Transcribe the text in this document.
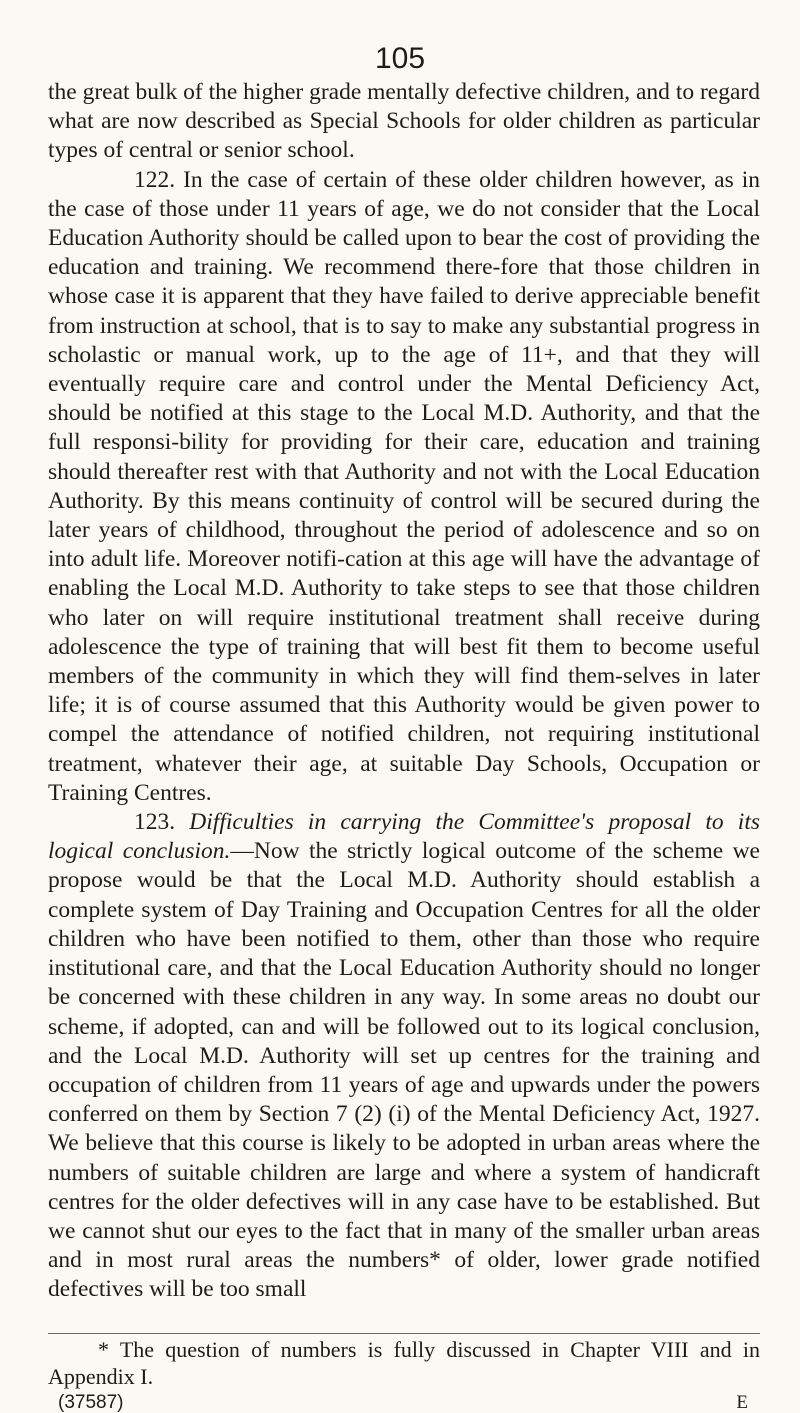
105

the great bulk of the higher grade mentally defective children, and to regard what are now described as Special Schools for older children as particular types of central or senior school.

122. In the case of certain of these older children however, as in the case of those under 11 years of age, we do not consider that the Local Education Authority should be called upon to bear the cost of providing the education and training. We recommend there-fore that those children in whose case it is apparent that they have failed to derive appreciable benefit from instruction at school, that is to say to make any substantial progress in scholastic or manual work, up to the age of 11+, and that they will eventually require care and control under the Mental Deficiency Act, should be notified at this stage to the Local M.D. Authority, and that the full responsi-bility for providing for their care, education and training should thereafter rest with that Authority and not with the Local Education Authority. By this means continuity of control will be secured during the later years of childhood, throughout the period of adolescence and so on into adult life. Moreover notifi-cation at this age will have the advantage of enabling the Local M.D. Authority to take steps to see that those children who later on will require institutional treatment shall receive during adolescence the type of training that will best fit them to become useful members of the community in which they will find them-selves in later life; it is of course assumed that this Authority would be given power to compel the attendance of notified children, not requiring institutional treatment, whatever their age, at suitable Day Schools, Occupation or Training Centres.

123. Difficulties in carrying the Committee's proposal to its logical conclusion.—Now the strictly logical outcome of the scheme we propose would be that the Local M.D. Authority should establish a complete system of Day Training and Occupation Centres for all the older children who have been notified to them, other than those who require institutional care, and that the Local Education Authority should no longer be concerned with these children in any way. In some areas no doubt our scheme, if adopted, can and will be followed out to its logical conclusion, and the Local M.D. Authority will set up centres for the training and occupation of children from 11 years of age and upwards under the powers conferred on them by Section 7 (2) (i) of the Mental Deficiency Act, 1927. We believe that this course is likely to be adopted in urban areas where the numbers of suitable children are large and where a system of handicraft centres for the older defectives will in any case have to be established. But we cannot shut our eyes to the fact that in many of the smaller urban areas and in most rural areas the numbers* of older, lower grade notified defectives will be too small

* The question of numbers is fully discussed in Chapter VIII and in Appendix I.
(37587)	E
